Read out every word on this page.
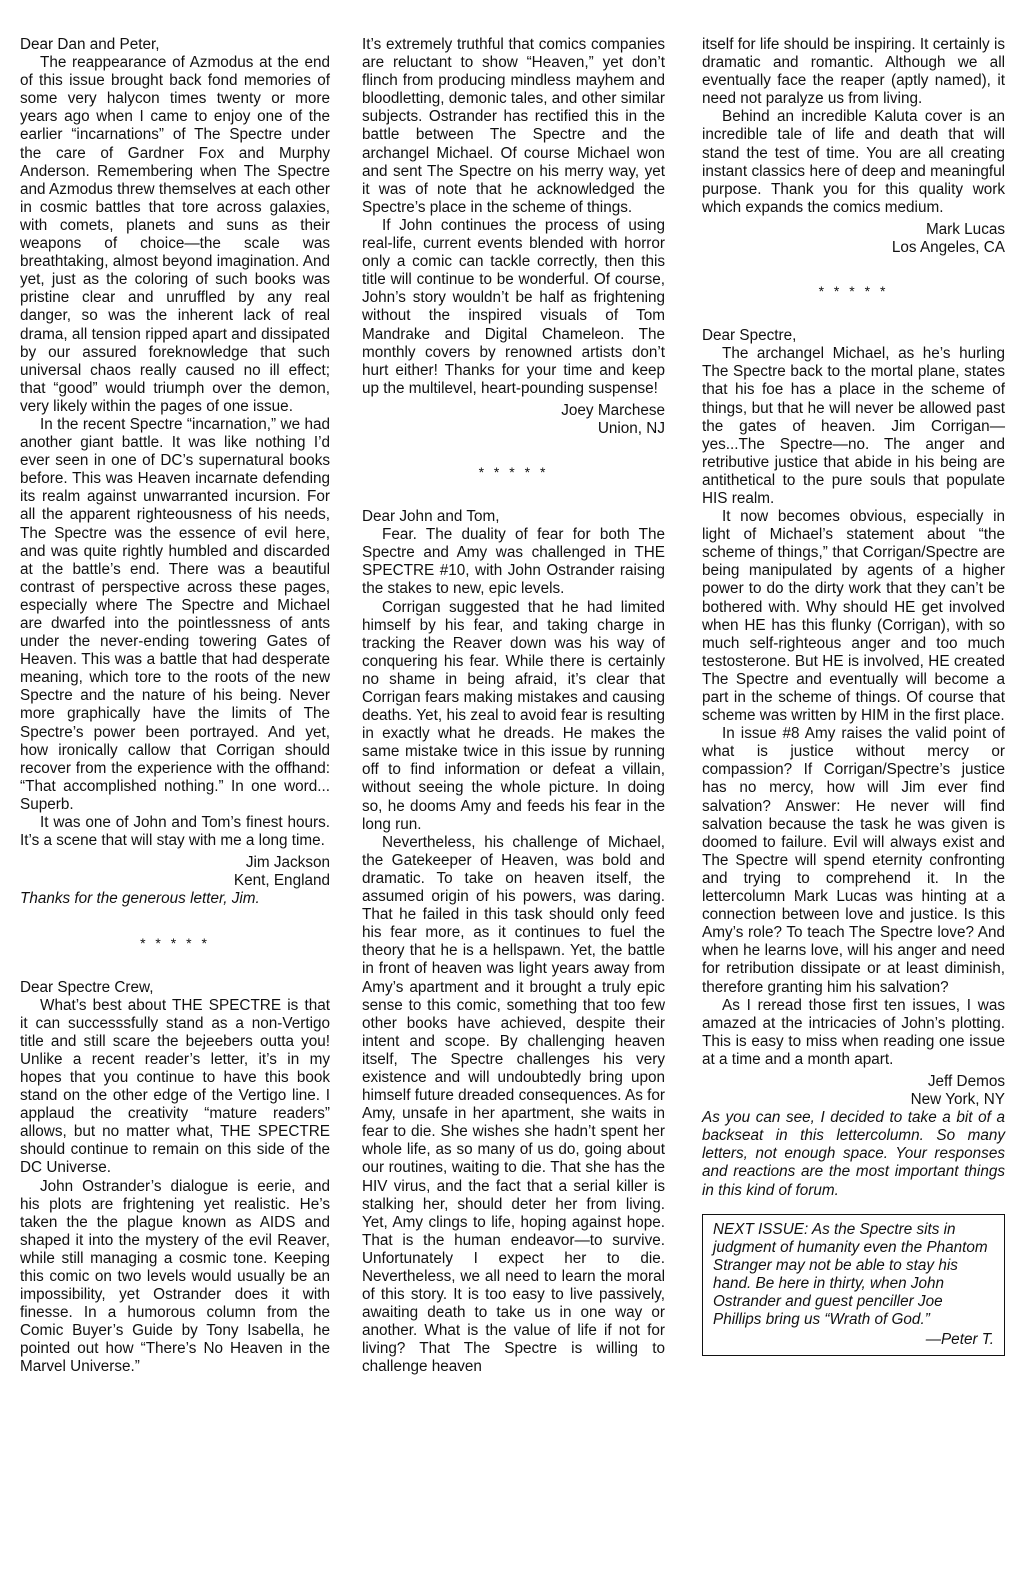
Dear Dan and Peter,

The reappearance of Azmodus at the end of this issue brought back fond memories of some very halycon times twenty or more years ago when I came to enjoy one of the earlier “incarnations” of The Spectre under the care of Gardner Fox and Murphy Anderson. Remembering when The Spectre and Azmodus threw themselves at each other in cosmic battles that tore across galaxies, with comets, planets and suns as their weapons of choice—the scale was breathtaking, almost beyond imagination. And yet, just as the coloring of such books was pristine clear and unruffled by any real danger, so was the inherent lack of real drama, all tension ripped apart and dissipated by our assured foreknowledge that such universal chaos really caused no ill effect; that “good” would triumph over the demon, very likely within the pages of one issue.

In the recent Spectre “incarnation,” we had another giant battle. It was like nothing I’d ever seen in one of DC’s supernatural books before. This was Heaven incarnate defending its realm against unwarranted incursion. For all the apparent righteousness of his needs, The Spectre was the essence of evil here, and was quite rightly humbled and discarded at the battle’s end. There was a beautiful contrast of perspective across these pages, especially where The Spectre and Michael are dwarfed into the pointlessness of ants under the never-ending towering Gates of Heaven. This was a battle that had desperate meaning, which tore to the roots of the new Spectre and the nature of his being. Never more graphically have the limits of The Spectre’s power been portrayed. And yet, how ironically callow that Corrigan should recover from the experience with the offhand: “That accomplished nothing.” In one word... Superb.

It was one of John and Tom’s finest hours. It’s a scene that will stay with me a long time.

Jim Jackson
Kent, England

Thanks for the generous letter, Jim.

* * * * *

Dear Spectre Crew,

What’s best about THE SPECTRE is that it can successsfully stand as a non-Vertigo title and still scare the bejeebers outta you! Unlike a recent reader’s letter, it’s in my hopes that you continue to have this book stand on the other edge of the Vertigo line. I applaud the creativity “mature readers” allows, but no matter what, THE SPECTRE should continue to remain on this side of the DC Universe.

John Ostrander’s dialogue is eerie, and his plots are frightening yet realistic. He’s taken the the plague known as AIDS and shaped it into the mystery of the evil Reaver, while still managing a cosmic tone. Keeping this comic on two levels would usually be an impossibility, yet Ostrander does it with finesse. In a humorous column from the Comic Buyer’s Guide by Tony Isabella, he pointed out how “There’s No Heaven in the Marvel Universe.”

It’s extremely truthful that comics companies are reluctant to show “Heaven,” yet don’t flinch from producing mindless mayhem and bloodletting, demonic tales, and other similar subjects. Ostrander has rectified this in the battle between The Spectre and the archangel Michael. Of course Michael won and sent The Spectre on his merry way, yet it was of note that he acknowledged the Spectre’s place in the scheme of things.

If John continues the process of using real-life, current events blended with horror only a comic can tackle correctly, then this title will continue to be wonderful. Of course, John’s story wouldn’t be half as frightening without the inspired visuals of Tom Mandrake and Digital Chameleon. The monthly covers by renowned artists don’t hurt either! Thanks for your time and keep up the multilevel, heart-pounding suspense!

Joey Marchese
Union, NJ
* * * * *

Dear John and Tom,

Fear. The duality of fear for both The Spectre and Amy was challenged in THE SPECTRE #10, with John Ostrander raising the stakes to new, epic levels.

Corrigan suggested that he had limited himself by his fear, and taking charge in tracking the Reaver down was his way of conquering his fear. While there is certainly no shame in being afraid, it’s clear that Corrigan fears making mistakes and causing deaths. Yet, his zeal to avoid fear is resulting in exactly what he dreads. He makes the same mistake twice in this issue by running off to find information or defeat a villain, without seeing the whole picture. In doing so, he dooms Amy and feeds his fear in the long run.

Nevertheless, his challenge of Michael, the Gatekeeper of Heaven, was bold and dramatic. To take on heaven itself, the assumed origin of his powers, was daring. That he failed in this task should only feed his fear more, as it continues to fuel the theory that he is a hellspawn. Yet, the battle in front of heaven was light years away from Amy’s apartment and it brought a truly epic sense to this comic, something that too few other books have achieved, despite their intent and scope. By challenging heaven itself, The Spectre challenges his very existence and will undoubtedly bring upon himself future dreaded consequences. As for Amy, unsafe in her apartment, she waits in fear to die. She wishes she hadn’t spent her whole life, as so many of us do, going about our routines, waiting to die. That she has the HIV virus, and the fact that a serial killer is stalking her, should deter her from living. Yet, Amy clings to life, hoping against hope. That is the human endeavor—to survive. Unfortunately I expect her to die. Nevertheless, we all need to learn the moral of this story. It is too easy to live passively, awaiting death to take us in one way or another. What is the value of life if not for living? That The Spectre is willing to challenge heaven

itself for life should be inspiring. It certainly is dramatic and romantic. Although we all eventually face the reaper (aptly named), it need not paralyze us from living.

Behind an incredible Kaluta cover is an incredible tale of life and death that will stand the test of time. You are all creating instant classics here of deep and meaningful purpose. Thank you for this quality work which expands the comics medium.

Mark Lucas
Los Angeles, CA
* * * * *

Dear Spectre,

The archangel Michael, as he’s hurling The Spectre back to the mortal plane, states that his foe has a place in the scheme of things, but that he will never be allowed past the gates of heaven. Jim Corrigan—yes...The Spectre—no. The anger and retributive justice that abide in his being are antithetical to the pure souls that populate HIS realm.

It now becomes obvious, especially in light of Michael’s statement about “the scheme of things,” that Corrigan/Spectre are being manipulated by agents of a higher power to do the dirty work that they can’t be bothered with. Why should HE get involved when HE has this flunky (Corrigan), with so much self-righteous anger and too much testosterone. But HE is involved, HE created The Spectre and eventually will become a part in the scheme of things. Of course that scheme was written by HIM in the first place.

In issue #8 Amy raises the valid point of what is justice without mercy or compassion? If Corrigan/Spectre’s justice has no mercy, how will Jim ever find salvation? Answer: He never will find salvation because the task he was given is doomed to failure. Evil will always exist and The Spectre will spend eternity confronting and trying to comprehend it. In the lettercolumn Mark Lucas was hinting at a connection between love and justice. Is this Amy’s role? To teach The Spectre love? And when he learns love, will his anger and need for retribution dissipate or at least diminish, therefore granting him his salvation?

As I reread those first ten issues, I was amazed at the intricacies of John’s plotting. This is easy to miss when reading one issue at a time and a month apart.

Jeff Demos
New York, NY

As you can see, I decided to take a bit of a backseat in this lettercolumn. So many letters, not enough space. Your responses and reactions are the most important things in this kind of forum.

NEXT ISSUE: As the Spectre sits in judgment of humanity even the Phantom Stranger may not be able to stay his hand. Be here in thirty, when John Ostrander and guest penciller Joe Phillips bring us “Wrath of God.”
—Peter T.
